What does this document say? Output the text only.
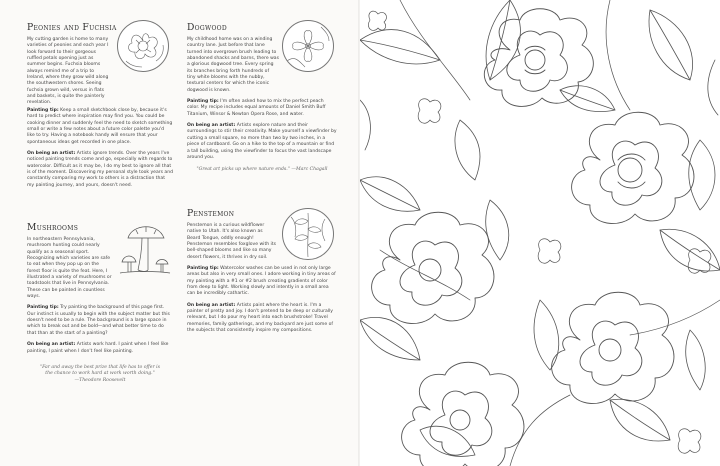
Peonies and Fuchsia
My cutting garden is home to many varieties of peonies and each year I look forward to their gorgeous ruffled petals opening just as summer begins. Fuchsia blooms always remind me of a trip to Ireland, where they grow wild along the southwestern shores. Seeing fuchsia grown wild, versus in flats and baskets, is quite the painterly revelation.
Painting tip: Keep a small sketchbook close by, because it's hard to predict where inspiration may find you. You could be cooking dinner and suddenly feel the need to sketch something small or write a few notes about a future color palette you'd like to try. Having a notebook handy will ensure that your spontaneous ideas get recorded in one place.
On being an artist: Artists ignore trends. Over the years I've noticed painting trends come and go, especially with regards to watercolor. Difficult as it may be, I do my best to ignore all that is of the moment. Discovering my personal style took years and constantly comparing my work to others is a distraction that my painting journey, and yours, doesn't need.
Mushrooms
In northeastern Pennsylvania, mushroom hunting could nearly qualify as a seasonal sport. Recognizing which varieties are safe to eat when they pop up on the forest floor is quite the feat. Here, I illustrated a variety of mushrooms or toadstools that live in Pennsylvania. These can be painted in countless ways.
Painting tip: Try painting the background of this page first. Our instinct is usually to begin with the subject matter but this doesn't need to be a rule. The background is a large space in which to break out and be bold—and what better time to do that than at the start of a painting?
On being an artist: Artists work hard. I paint when I feel like painting, I paint when I don't feel like painting.
"Far and away the best prize that life has to offer is the chance to work hard at work worth doing."
—Theodore Roosevelt
Dogwood
My childhood home was on a winding country lane. Just before that lane turned into overgrown brush leading to abandoned shacks and barns, there was a glorious dogwood tree. Every spring its branches bring forth hundreds of tiny white blooms with the nubby, textural centers for which the iconic dogwood is known.
Painting tip: I'm often asked how to mix the perfect peach color. My recipe includes equal amounts of Daniel Smith Buff Titanium, Winsor & Newton Opera Rose, and water.
On being an artist: Artists explore nature and their surroundings to stir their creativity. Make yourself a viewfinder by cutting a small square, no more than two by two inches, in a piece of cardboard. Go on a hike to the top of a mountain or find a tall building, using the viewfinder to focus the vast landscape around you.
"Great art picks up where nature ends." —Marc Chagall
Penstemon
Penstemon is a curious wildflower native to Utah. It's also known as Beard Tongue, oddly enough! Penstemon resembles foxglove with its bell-shaped blooms and like so many desert flowers, it thrives in dry soil.
Painting tip: Watercolor washes can be used in not only large areas but also in very small ones. I adore working in tiny areas of my painting with a #1 or #2 brush creating gradients of color from deep to light. Working slowly and intently in a small area can be incredibly cathartic.
On being an artist: Artists paint where the heart is. I'm a painter of pretty and joy. I don't pretend to be deep or culturally relevant, but I do pour my heart into each brushstroke! Travel memories, family gatherings, and my backyard are just some of the subjects that consistently inspire my compositions.
